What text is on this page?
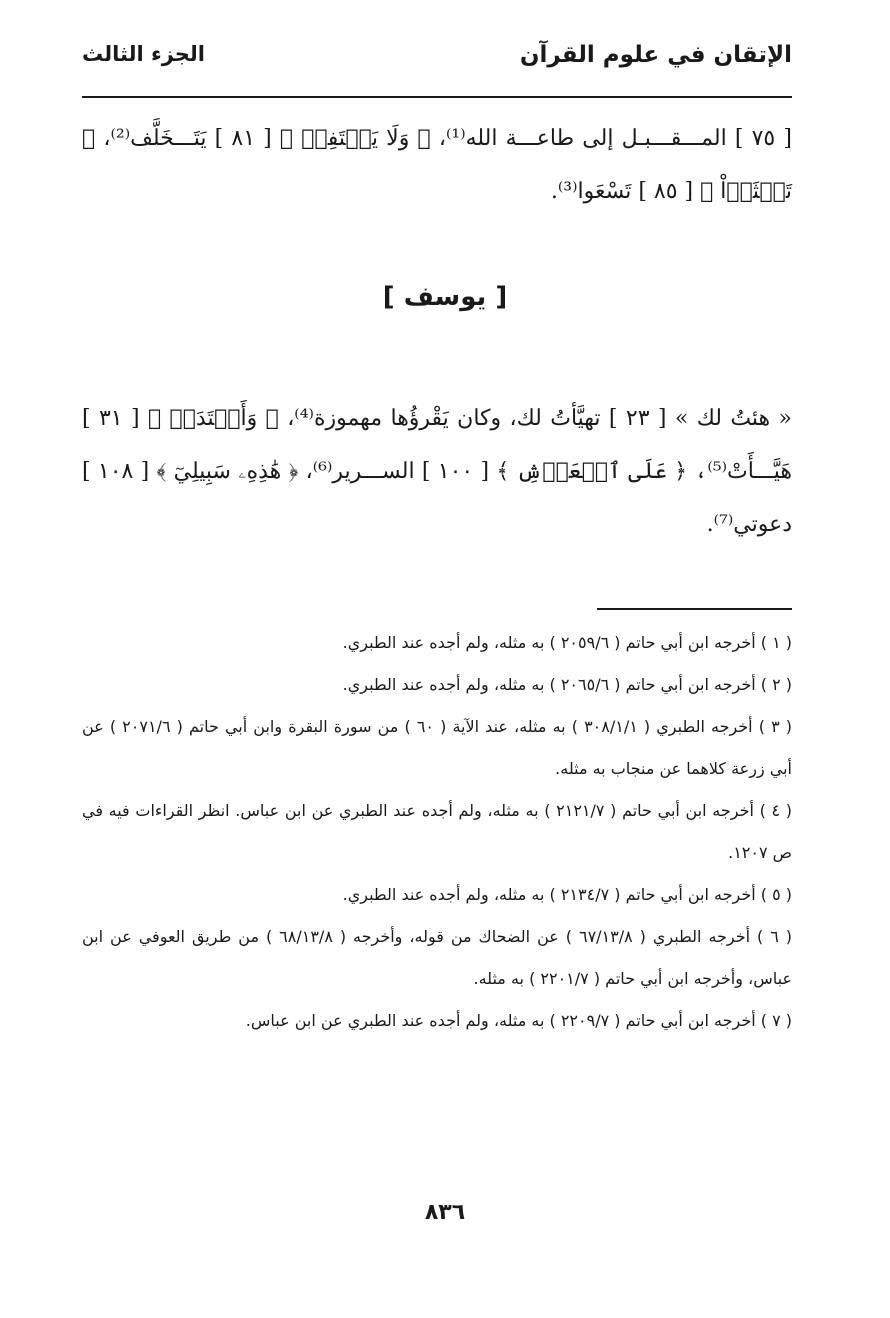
الإتقان في علوم القرآن
الجزء الثالث
[ ٧٥ ] المـــقـــبـل إلى طاعـــة الله⁽¹⁾، ﴿ وَلَا يَلۡتَفِتۡ ﴾ [ ٨١ ] يَتَـــخَلَّف⁽²⁾، ﴿ تَعۡثَوۡاْ ﴾ [ ٨٥ ] تَسْعَوا⁽³⁾.
[ يوسف ]
« هئتُ لك » [ ٢٣ ] تهيَّأتُ لك، وكان يَقْرؤُها مهموزة⁽⁴⁾، ﴿ وَأَعۡتَدَتۡ ﴾ [ ٣١ ] هَيَّـــأَتْ⁽⁵⁾، ﴿ عَلَى ٱلۡعَرۡشِ ﴾ [ ١٠٠ ] الســـرير⁽⁶⁾، ﴿ هَٰذِهِۦ سَبِيلِيٓ ﴾ [ ١٠٨ ] دعوتي⁽⁷⁾.
( ١ ) أخرجه ابن أبي حاتم ( ٢٠٥٩/٦ ) به مثله، ولم أجده عند الطبري.
( ٢ ) أخرجه ابن أبي حاتم ( ٢٠٦٥/٦ ) به مثله، ولم أجده عند الطبري.
( ٣ ) أخرجه الطبري ( ٣٠٨/١/١ ) به مثله، عند الآية ( ٦٠ ) من سورة البقرة وابن أبي حاتم ( ٢٠٧١/٦ ) عن أبي زرعة كلاهما عن منجاب به مثله.
( ٤ ) أخرجه ابن أبي حاتم ( ٢١٢١/٧ ) به مثله، ولم أجده عند الطبري عن ابن عباس. انظر القراءات فيه في ص ١٢٠٧.
( ٥ ) أخرجه ابن أبي حاتم ( ٢١٣٤/٧ ) به مثله، ولم أجده عند الطبري.
( ٦ ) أخرجه الطبري ( ٦٧/١٣/٨ ) عن الضحاك من قوله، وأخرجه ( ٦٨/١٣/٨ ) من طريق العوفي عن ابن عباس، وأخرجه ابن أبي حاتم ( ٢٢٠١/٧ ) به مثله.
( ٧ ) أخرجه ابن أبي حاتم ( ٢٢٠٩/٧ ) به مثله، ولم أجده عند الطبري عن ابن عباس.
٨٣٦
